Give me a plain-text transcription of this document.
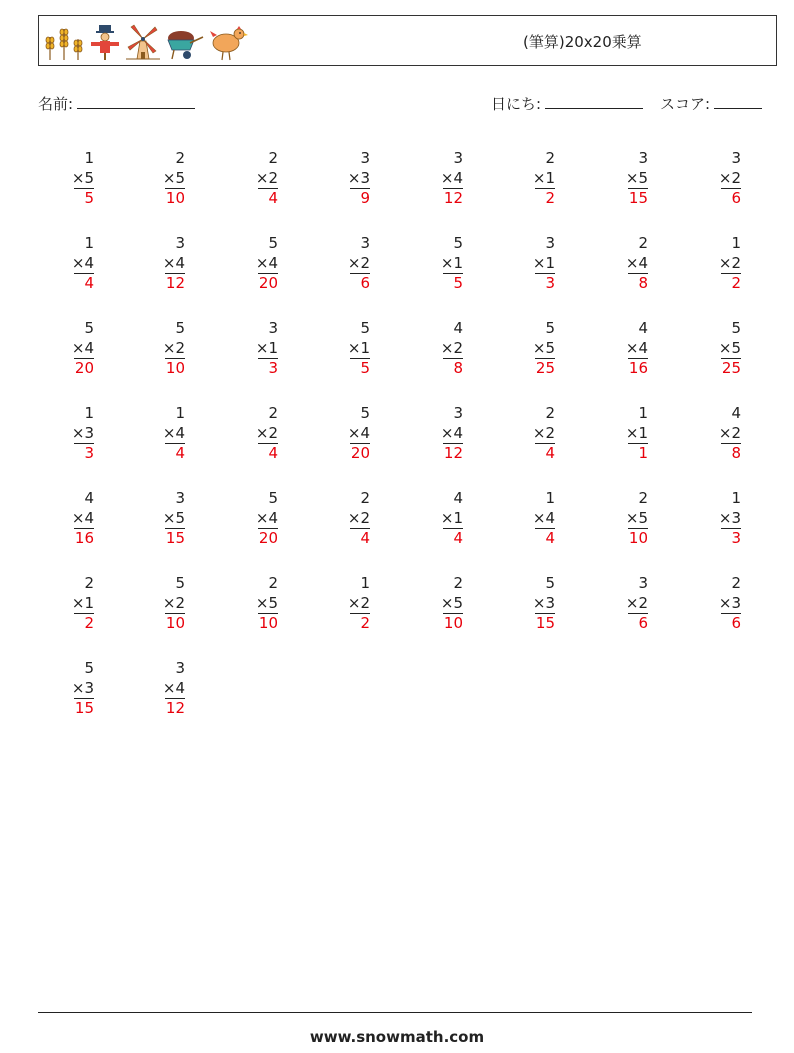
(筆算)20x20乗算
名前:	日にち:	スコア:
1
×5
5
2
×5
10
2
×2
4
3
×3
9
3
×4
12
2
×1
2
3
×5
15
3
×2
6
1
×4
4
3
×4
12
5
×4
20
3
×2
6
5
×1
5
3
×1
3
2
×4
8
1
×2
2
5
×4
20
5
×2
10
3
×1
3
5
×1
5
4
×2
8
5
×5
25
4
×4
16
5
×5
25
1
×3
3
1
×4
4
2
×2
4
5
×4
20
3
×4
12
2
×2
4
1
×1
1
4
×2
8
4
×4
16
3
×5
15
5
×4
20
2
×2
4
4
×1
4
1
×4
4
2
×5
10
1
×3
3
2
×1
2
5
×2
10
2
×5
10
1
×2
2
2
×5
10
5
×3
15
3
×2
6
2
×3
6
5
×3
15
3
×4
12
www.snowmath.com
